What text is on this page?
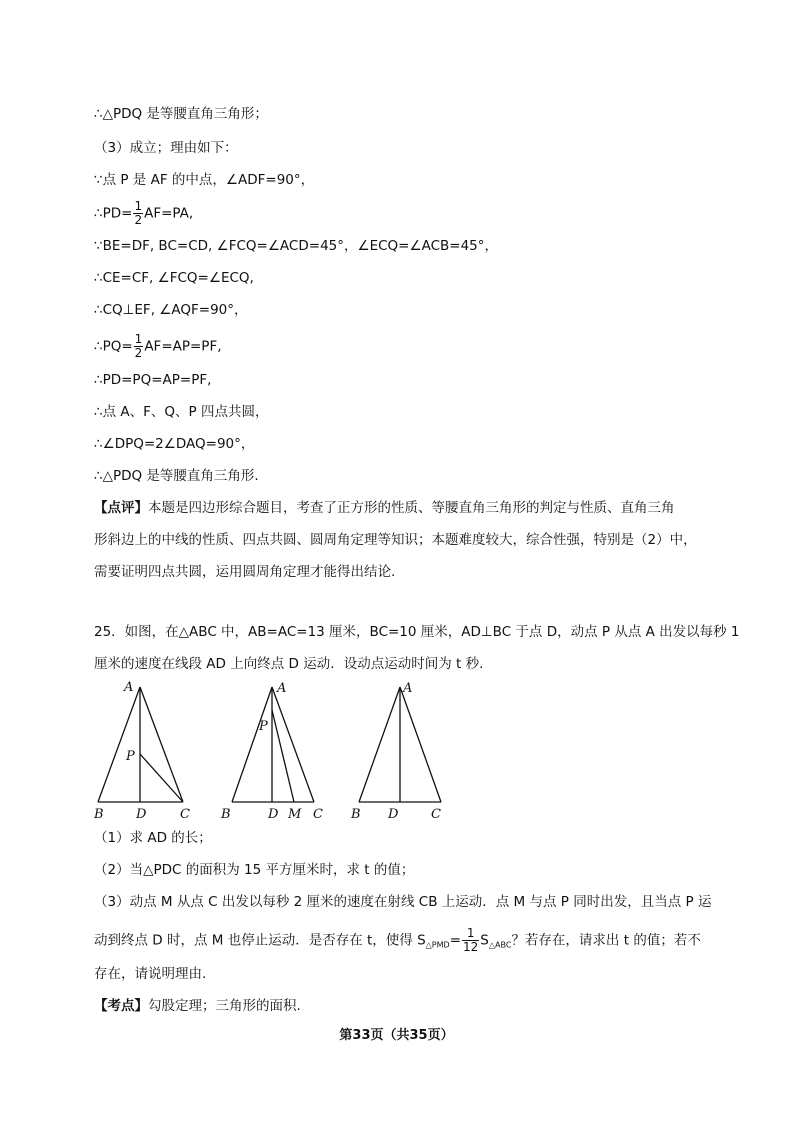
∴△PDQ 是等腰直角三角形；
（3）成立；理由如下：
∵点 P 是 AF 的中点，∠ADF=90°，
∴PD= $\frac{1}{2} AF=PA$,
∵BE=DF, BC=CD, ∠FCQ=∠ACD=45°，∠ECQ=∠ACB=45°，
∴CE=CF, ∠FCQ=∠ECQ,
∴CQ⊥EF, ∠AQF=90°，
∴PQ= $\frac{1}{2} AF=AP=PF$,
∴PD=PQ=AP=PF,
∴点 A、F、Q、P 四点共圆，
∴∠DPQ=2∠DAQ=90°，
∴△PDQ 是等腰直角三角形.
【点评】本题是四边形综合题目，考查了正方形的性质、等腰直角三角形的判定与性质、直角三角
形斜边上的中线的性质、四点共圆、圆周角定理等知识；本题难度较大，综合性强，特别是（2）中，
需要证明四点共圆，运用圆周角定理才能得出结论.
25．如图，在△ABC 中，AB=AC=13 厘米，BC=10 厘米，AD⊥BC 于点 D，动点 P 从点 A 出发以每秒 1
厘米的速度在线段 AD 上向终点 D 运动．设动点运动时间为 t 秒.
A
P
B D	C
A
P
B	D M C
A
B D	C
（1）求 AD 的长；
（2）当△PDC 的面积为 15 平方厘米时，求 t 的值；
（3）动点 M 从点 C 出发以每秒 2 厘米的速度在射线 CB 上运动．点 M 与点 P 同时出发，且当点 P 运
动到终点 D 时，点 M 也停止运动．是否存在 t，使得 $S_{\triangle PMD}= \frac{1}{12} S_{\triangle ABC}$？若存在，请求出 t 的值；若不
存在，请说明理由.
【考点】勾股定理；三角形的面积.
第33页（共35页）
